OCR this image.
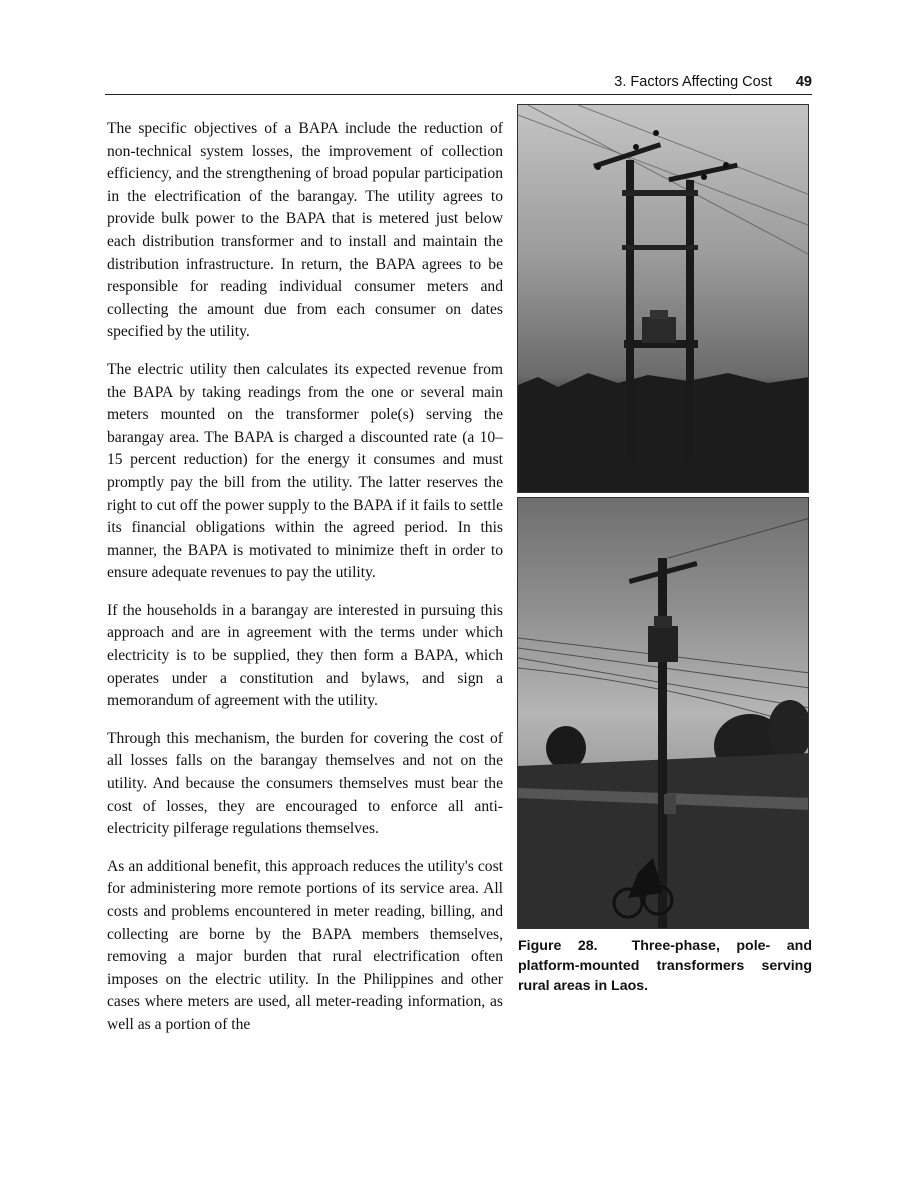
3. Factors Affecting Cost 49

The specific objectives of a BAPA include the reduction of non-technical system losses, the improvement of collection efficiency, and the strengthening of broad popular participation in the electrification of the barangay. The utility agrees to provide bulk power to the BAPA that is metered just below each distribution transformer and to install and maintain the distribution infrastructure. In return, the BAPA agrees to be responsible for reading individual consumer meters and collecting the amount due from each consumer on dates specified by the utility.

The electric utility then calculates its expected revenue from the BAPA by taking readings from the one or several main meters mounted on the transformer pole(s) serving the barangay area. The BAPA is charged a discounted rate (a 10–15 percent reduction) for the energy it consumes and must promptly pay the bill from the utility. The latter reserves the right to cut off the power supply to the BAPA if it fails to settle its financial obligations within the agreed period. In this manner, the BAPA is motivated to minimize theft in order to ensure adequate revenues to pay the utility.

If the households in a barangay are interested in pursuing this approach and are in agreement with the terms under which electricity is to be supplied, they then form a BAPA, which operates under a constitution and bylaws, and sign a memorandum of agreement with the utility.

Through this mechanism, the burden for covering the cost of all losses falls on the barangay themselves and not on the utility. And because the consumers themselves must bear the cost of losses, they are encouraged to enforce all anti-electricity pilferage regulations themselves.

As an additional benefit, this approach reduces the utility's cost for administering more remote portions of its service area. All costs and problems encountered in meter reading, billing, and collecting are borne by the BAPA members themselves, removing a major burden that rural electrification often imposes on the electric utility. In the Philippines and other cases where meters are used, all meter-reading information, as well as a portion of the

Figure 28. Three-phase, pole- and platform-mounted transformers serving rural areas in Laos.
